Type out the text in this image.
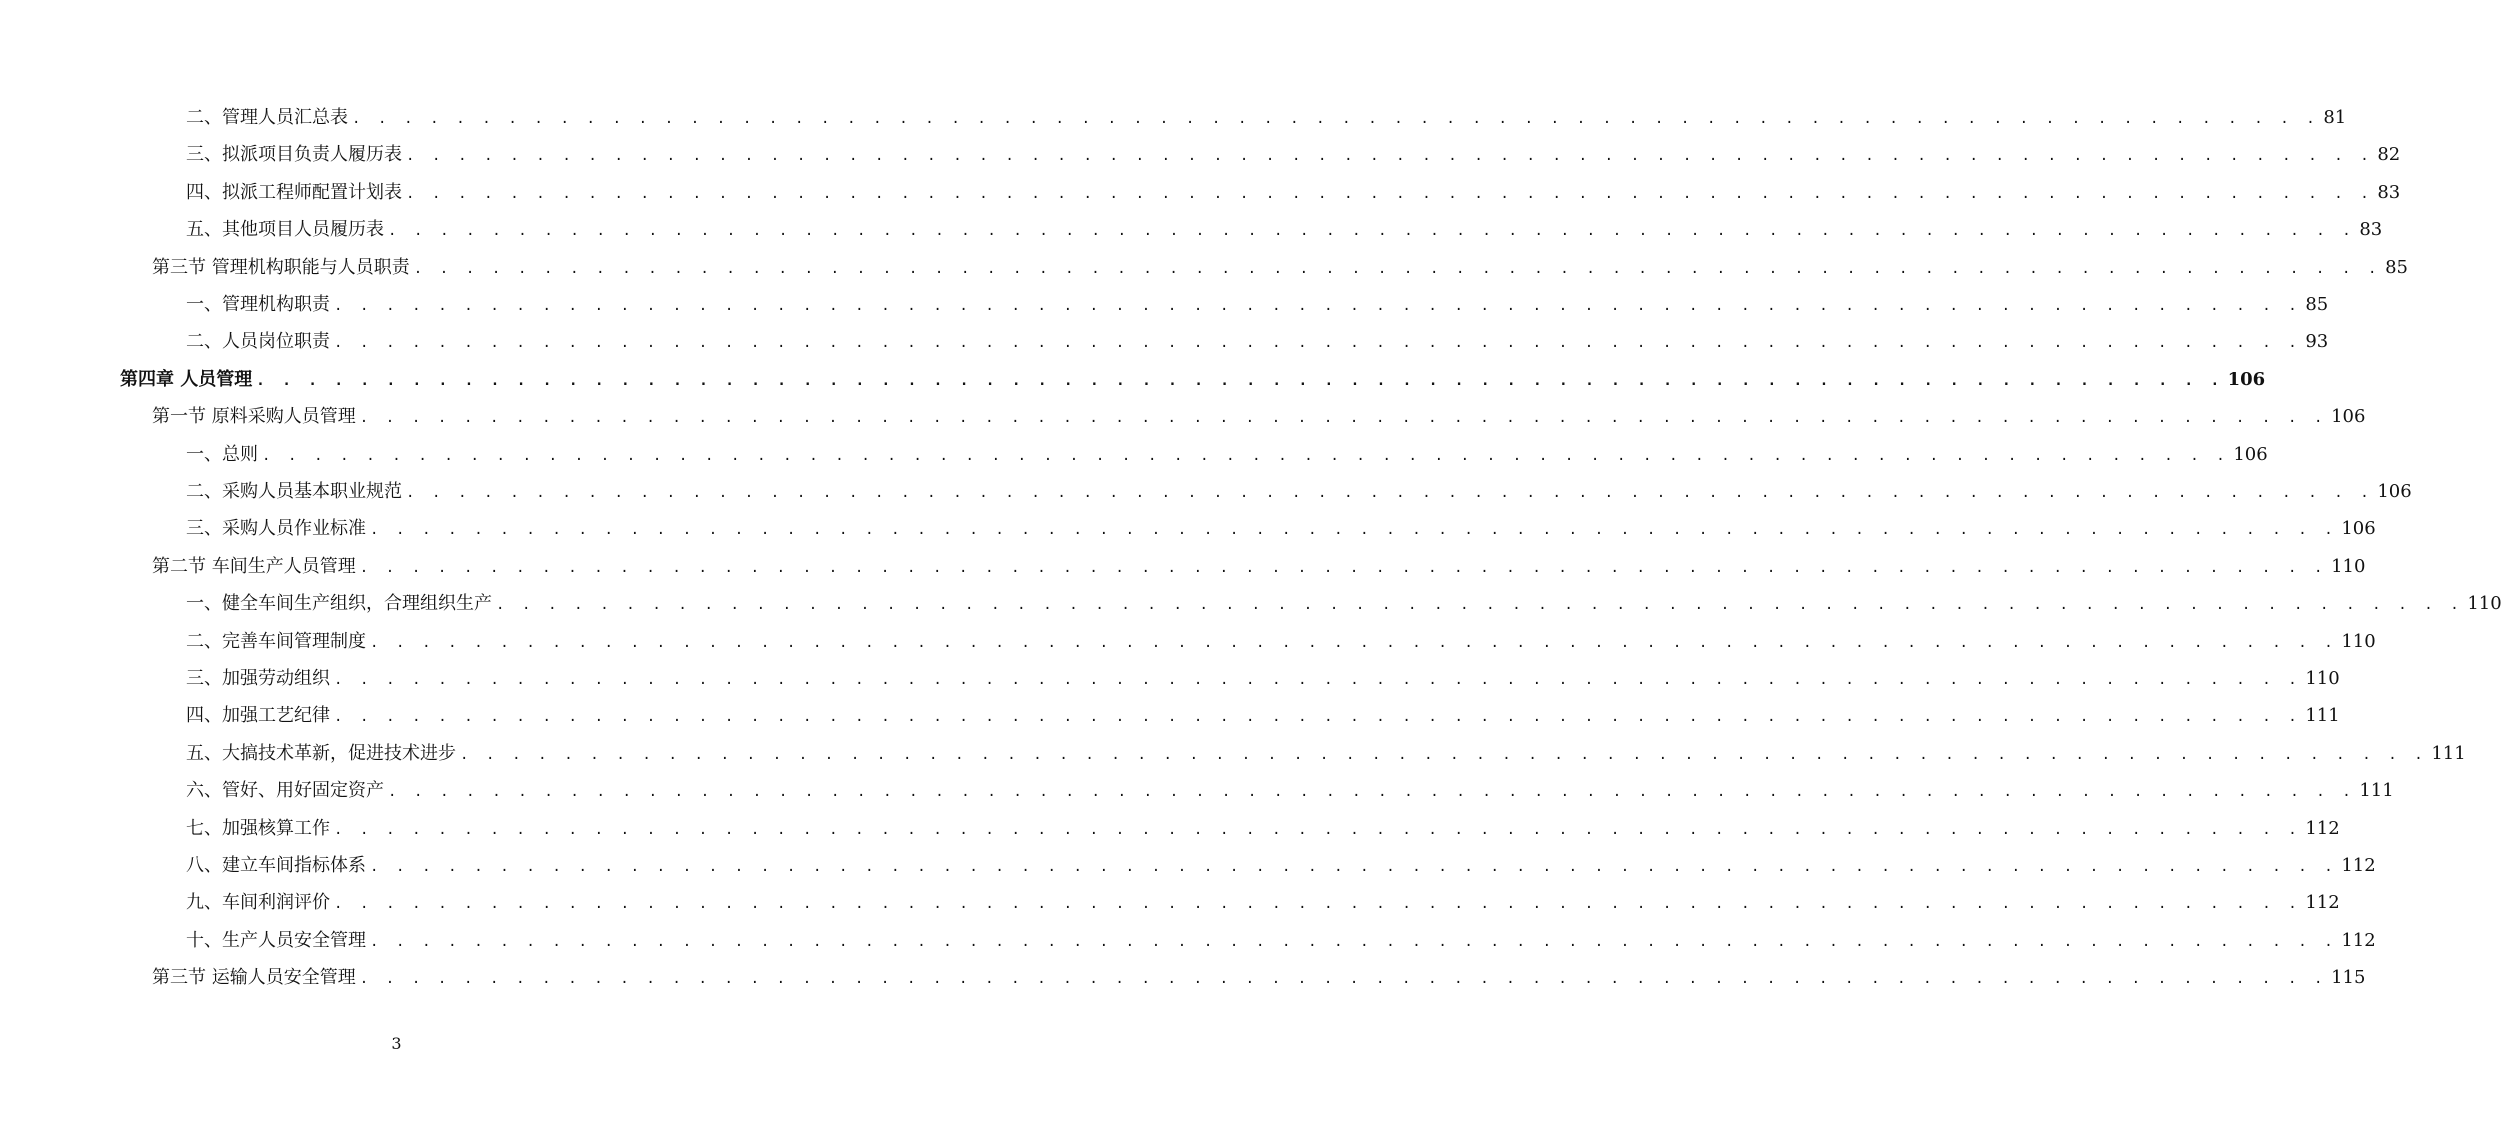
二、管理人员汇总表 . . . . . . . . . . . . . . . . . . . . . . . . . . . . . . . . . . . . . . . . . . . . . . . . . . . . . . . . . . . . . . . . . . . . . . . . . . . . 81
三、拟派项目负责人履历表 . . . . . . . . . . . . . . . . . . . . . . . . . . . . . . . . . . . . . . . . . . . . . . . . . . . . . . . . . . . . . . . . . . . . . . . . . . . . 82
四、拟派工程师配置计划表 . . . . . . . . . . . . . . . . . . . . . . . . . . . . . . . . . . . . . . . . . . . . . . . . . . . . . . . . . . . . . . . . . . . . . . . . . . . . 83
五、其他项目人员履历表 . . . . . . . . . . . . . . . . . . . . . . . . . . . . . . . . . . . . . . . . . . . . . . . . . . . . . . . . . . . . . . . . . . . . . . . . . . . . 83
第三节 管理机构职能与人员职责 . . . . . . . . . . . . . . . . . . . . . . . . . . . . . . . . . . . . . . . . . . . . . . . . . . . . . . . . . . . . . . . . . . . . . . . . . . . . 85
一、管理机构职责 . . . . . . . . . . . . . . . . . . . . . . . . . . . . . . . . . . . . . . . . . . . . . . . . . . . . . . . . . . . . . . . . . . . . . . . . . . . . 85
二、人员岗位职责 . . . . . . . . . . . . . . . . . . . . . . . . . . . . . . . . . . . . . . . . . . . . . . . . . . . . . . . . . . . . . . . . . . . . . . . . . . . . 93
第四章 人员管理 . . . . . . . . . . . . . . . . . . . . . . . . . . . . . . . . . . . . . . . . . . . . . . . . . . . . . . . . . . . . . . . . . . . . . . . . . . . . 106
第一节 原料采购人员管理 . . . . . . . . . . . . . . . . . . . . . . . . . . . . . . . . . . . . . . . . . . . . . . . . . . . . . . . . . . . . . . . . . . . . . . . . . . . . 106
一、总则 . . . . . . . . . . . . . . . . . . . . . . . . . . . . . . . . . . . . . . . . . . . . . . . . . . . . . . . . . . . . . . . . . . . . . . . . . . . . 106
二、采购人员基本职业规范 . . . . . . . . . . . . . . . . . . . . . . . . . . . . . . . . . . . . . . . . . . . . . . . . . . . . . . . . . . . . . . . . . . . . . . . . . . . . 106
三、采购人员作业标准 . . . . . . . . . . . . . . . . . . . . . . . . . . . . . . . . . . . . . . . . . . . . . . . . . . . . . . . . . . . . . . . . . . . . . . . . . . . . 106
第二节 车间生产人员管理 . . . . . . . . . . . . . . . . . . . . . . . . . . . . . . . . . . . . . . . . . . . . . . . . . . . . . . . . . . . . . . . . . . . . . . . . . . . . 110
一、健全车间生产组织，合理组织生产 . . . . . . . . . . . . . . . . . . . . . . . . . . . . . . . . . . . . . . . . . . . . . . . . . . . . . . . . . . . . . . . . . . . . . . . . . . . . 110
二、完善车间管理制度 . . . . . . . . . . . . . . . . . . . . . . . . . . . . . . . . . . . . . . . . . . . . . . . . . . . . . . . . . . . . . . . . . . . . . . . . . . . . 110
三、加强劳动组织 . . . . . . . . . . . . . . . . . . . . . . . . . . . . . . . . . . . . . . . . . . . . . . . . . . . . . . . . . . . . . . . . . . . . . . . . . . . . 110
四、加强工艺纪律 . . . . . . . . . . . . . . . . . . . . . . . . . . . . . . . . . . . . . . . . . . . . . . . . . . . . . . . . . . . . . . . . . . . . . . . . . . . . 111
五、大搞技术革新，促进技术进步 . . . . . . . . . . . . . . . . . . . . . . . . . . . . . . . . . . . . . . . . . . . . . . . . . . . . . . . . . . . . . . . . . . . . . . . . . . . . 111
六、管好、用好固定资产 . . . . . . . . . . . . . . . . . . . . . . . . . . . . . . . . . . . . . . . . . . . . . . . . . . . . . . . . . . . . . . . . . . . . . . . . . . . . 111
七、加强核算工作 . . . . . . . . . . . . . . . . . . . . . . . . . . . . . . . . . . . . . . . . . . . . . . . . . . . . . . . . . . . . . . . . . . . . . . . . . . . . 112
八、建立车间指标体系 . . . . . . . . . . . . . . . . . . . . . . . . . . . . . . . . . . . . . . . . . . . . . . . . . . . . . . . . . . . . . . . . . . . . . . . . . . . . 112
九、车间利润评价 . . . . . . . . . . . . . . . . . . . . . . . . . . . . . . . . . . . . . . . . . . . . . . . . . . . . . . . . . . . . . . . . . . . . . . . . . . . . 112
十、生产人员安全管理 . . . . . . . . . . . . . . . . . . . . . . . . . . . . . . . . . . . . . . . . . . . . . . . . . . . . . . . . . . . . . . . . . . . . . . . . . . . . 112
第三节 运输人员安全管理 . . . . . . . . . . . . . . . . . . . . . . . . . . . . . . . . . . . . . . . . . . . . . . . . . . . . . . . . . . . . . . . . . . . . . . . . . . . . 115
3
